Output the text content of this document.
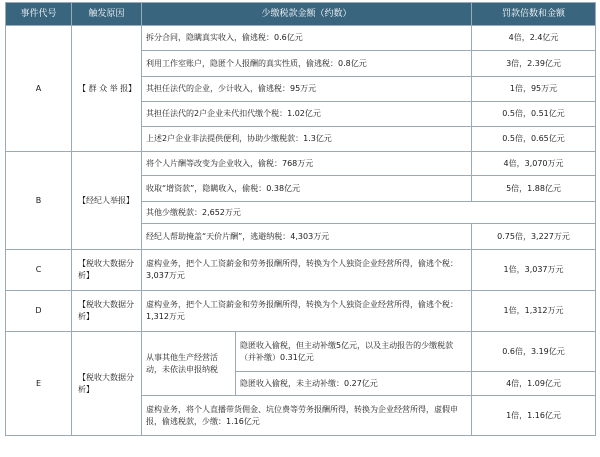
事件代号	触发原因	少缴税款金额（约数）		罚款倍数和金额
A	【 群 众 举 报】	拆分合同，隐瞒真实收入，偷逃税：0.6亿元		4倍，2.4亿元
		利用工作室账户，隐匿个人报酬的真实性质，偷逃税：0.8亿元		3倍，2.39亿元
		其担任法代的企业，少计收入，偷逃税：95万元		1倍，95万元
		其担任法代的2户企业未代扣代缴个税：1.02亿元		0.5倍，0.51亿元
		上述2户企业非法提供便利，协助少缴税款：1.3亿元		0.5倍，0.65亿元
B	【经纪人举报】	将个人片酬等改变为企业收入，偷税：768万元		4倍，3,070万元
		收取“增资款”，隐瞒收入，偷税：0.38亿元		5倍，1.88亿元
		其他少缴税款：2,652万元		
		经纪人帮助掩盖“天价片酬”，逃避纳税：4,303万元		0.75倍，3,227万元
C	【税收大数据分析】	虚构业务，把个人工资薪金和劳务报酬所得，转换为个人独资企业经营所得，偷逃个税：3,037万元		1倍，3,037万元
D	【税收大数据分析】	虚构业务，把个人工资薪金和劳务报酬所得，转换为个人独资企业经营所得，偷逃个税：1,312万元		1倍，1,312万元
E	【税收大数据分析】	从事其他生产经营活动，未依法申报纳税	隐匿收入偷税，但主动补缴5亿元，以及主动报告的少缴税款（并补缴）0.31亿元	0.6倍，3.19亿元
			隐匿收入偷税，未主动补缴：0.27亿元	4倍，1.09亿元
		虚构业务，将个人直播带货佣金、坑位费等劳务报酬所得，转换为企业经营所得，虚假申报，偷逃税款，少缴：1.16亿元		1倍，1.16亿元
